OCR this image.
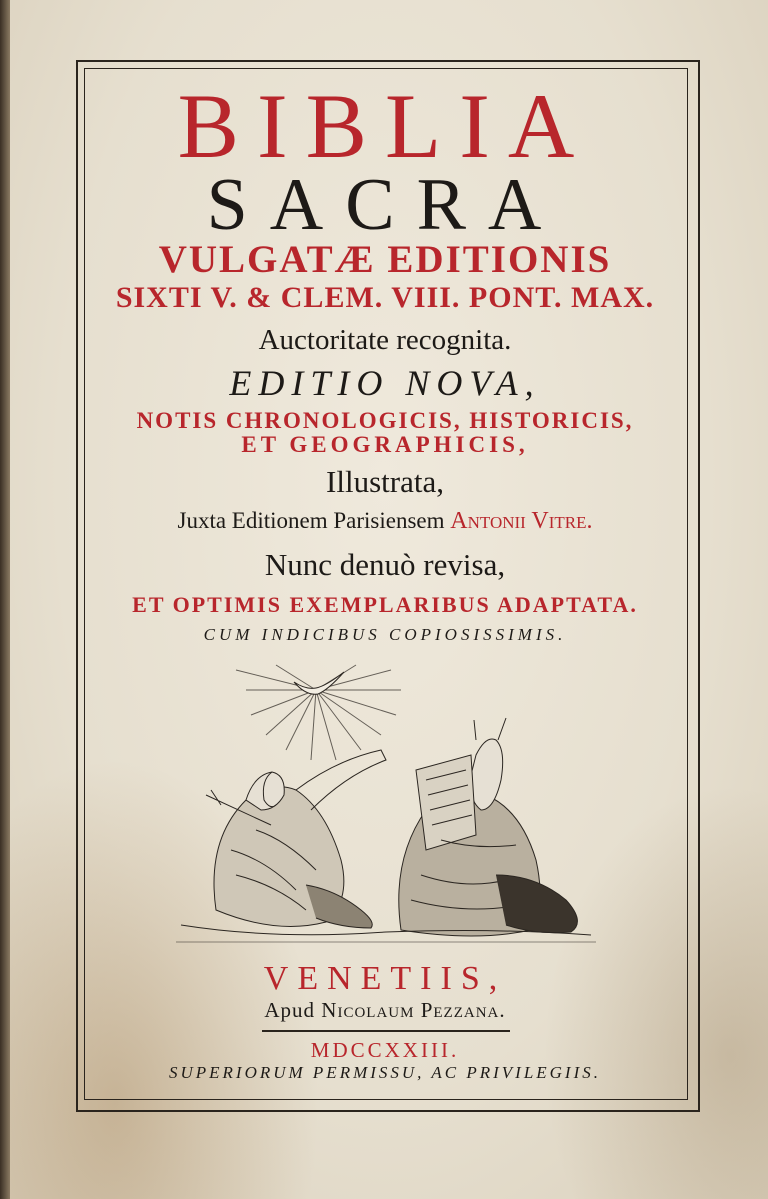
BIBLIA
SACRA
VULGATÆ EDITIONIS
SIXTI V. & CLEM. VIII. PONT. MAX.
Auctoritate recognita.
EDITIO NOVA,
NOTIS CHRONOLOGICIS, HISTORICIS,
ET GEOGRAPHICIS,
Illustrata,
Juxta Editionem Parisiensem Antonii Vitre.
Nunc denuò revisa,
ET OPTIMIS EXEMPLARIBUS ADAPTATA.
CUM INDICIBUS COPIOSISSIMIS.
VENETIIS,
Apud Nicolaum Pezzana.
MDCCXXIII.
SUPERIORUM PERMISSU, AC PRIVILEGIIS.
